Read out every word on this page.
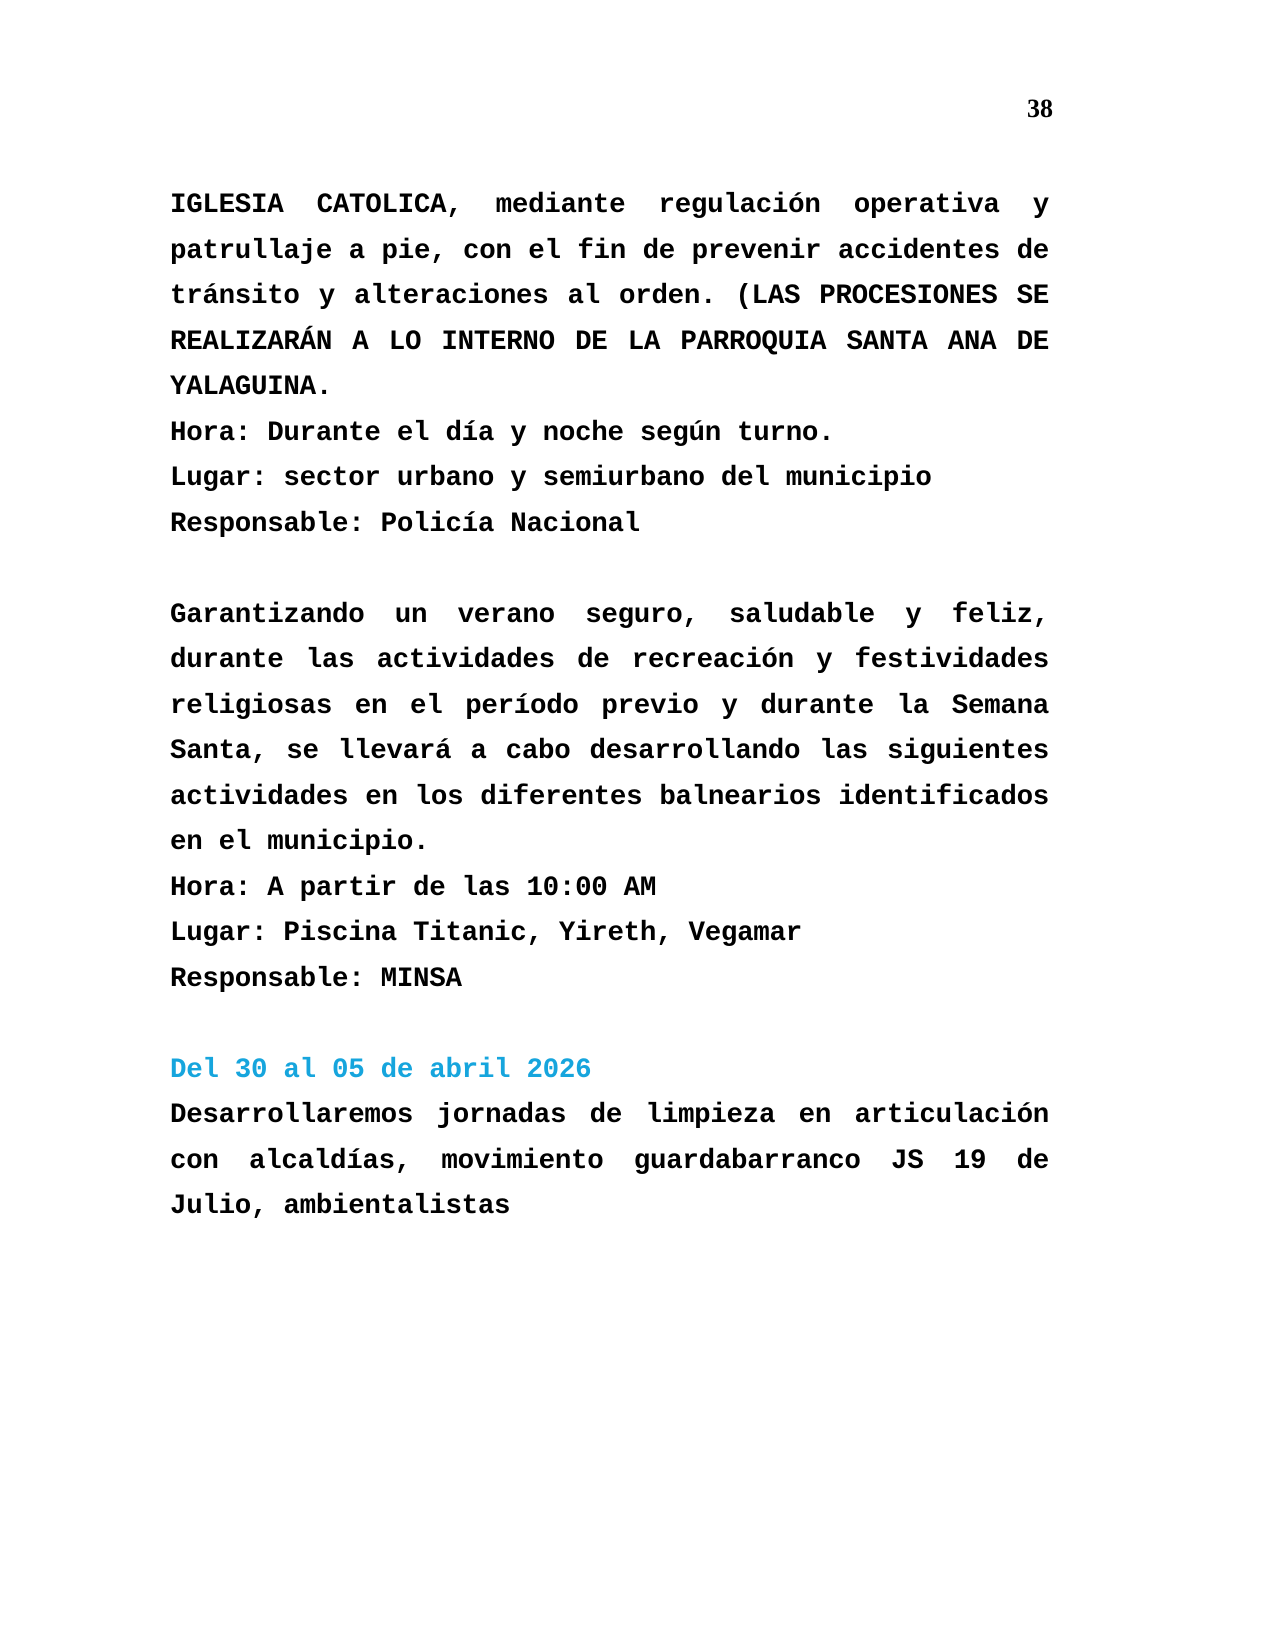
38

IGLESIA CATOLICA, mediante regulación operativa y patrullaje a pie, con el fin de prevenir accidentes de tránsito y alteraciones al orden. (LAS PROCESIONES SE REALIZARÁN A LO INTERNO DE LA PARROQUIA SANTA ANA DE YALAGUINA.

Hora: Durante el día y noche según turno.

Lugar: sector urbano y semiurbano del municipio

Responsable: Policía Nacional

Garantizando un verano seguro, saludable y feliz, durante las actividades de recreación y festividades religiosas en el período previo y durante la Semana Santa, se llevará a cabo desarrollando las siguientes actividades en los diferentes balnearios identificados en el municipio.

Hora: A partir de las 10:00 AM

Lugar: Piscina Titanic, Yireth, Vegamar

Responsable: MINSA

Del 30 al 05 de abril 2026

Desarrollaremos jornadas de limpieza en articulación con alcaldías, movimiento guardabarranco JS 19 de Julio, ambientalistas
